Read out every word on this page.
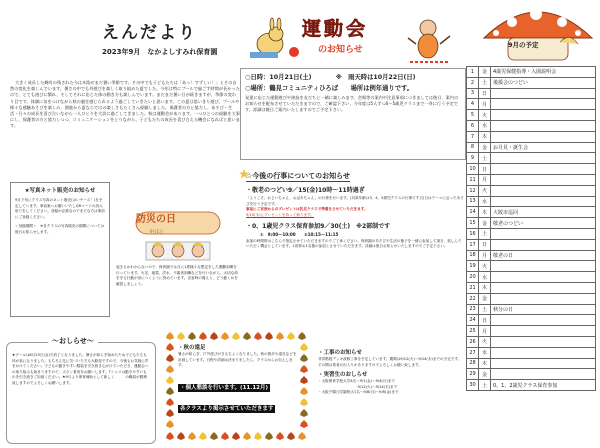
えんだより
2023年9月　なかよしすみれ保育園
大きく成長した蝉舟の残された今は木陰がまだ暑い季節です。その中でも子どもたちは「あっ！すずしい！」とその自然の変化を楽しんでいます。暑さの中でも外遊びを楽しく取り組めた夏でした。今年は特にプールで過ごす時間が長かったので、とても遊びに慣れ、そしてそれに応じた体の動き方も楽しんでいます。まだまだ暑い日が続きますが、季節の変わり目です。体調に気をつけながら秋の風を感じられるよう過ごしていきたいと思います。この夏は思いきり遊び、プールや様々な感触あそびを楽しみ、園庭から夏ならではの楽しさもたくさん経験しました。保護者の方と協力し、あそび・生活・日々の成長を喜び合いながら一人ひとりを大切に過ごしてきました。秋は運動会があります。一つひとつの経験を大事にし、保護者の方と協力しつつ、コミュニケーションをとりながら、子どもたちの成長を喜び合える機会になればと思います。
運動会
のお知らせ
○日時：10月21日(土)	※　雨天時は10月22日(日)
○場所：鶴見コミュニティひろば　　場所は例年通りです。
発達に応じた運動遊びや演技を友だちと一緒に楽しみます。会場等の案内や注意事項につきましては後日、案内のお知らせを配布させていただきますので、ご確認下さい。今年度は5人ずつ0〜5歳児クラスまで一斉に行う予定です。詳細は後日ご案内いたしますのでご予定下さい。
9月の予定
1	金	4歳児保健指導・入園説明会
2	土	後援会のつどい
3	日	
4	月	
5	火	
6	水	
7	木	
8	金	お月見・誕生会
9	土	
10	日	
11	月	
12	火	
13	水	
14	木	大阪市巡回
15	金	敬老のつどい
16	土	
17	日	
18	月	敬老の日
19	火	
20	水	
21	木	
22	金	
23	土	秋分の日
24	日	
25	月	
26	火	
27	水	
28	木	
29	金	
30	土	0、1、2歳児クラス保育参加
★写真ネット販売のお知らせ
9月下旬にクラス写真のネット販売(はいチーズ！)を予定しています。事前案へお願いいたしQRコードの読み取りをしてください。登録が必要なのでまだな方は事前にご登録ください。
＜登録期間＞　※各クラスの写真販売の期間については後日お知らせします。
防災の日
9月1日
起きるかわからないので、保育園では月に1度様々な想定をした避難訓練を行っています。火災、地震、洪水、不審者訓練などを行いながら、大切な命を守る行動が身につくように努めています。災害時の備えと、どう動くかを確認しましょう。
★プールは8月25日(金)で終了となりました。暑さが和らぎ始めたため子どもたちも体が楽になりました。もちろん先に気づいた方も大歓迎ですので、今後もお気軽に声をかけてください。子どもの動きやすい服装を引き続き心がけていただき、運動会への取り組みも始まりますので、ズボン着用をお願いします。Tシャツは動きやすいものを引き続きご用意ください。★9月より保育補助として新しく　　　の職員が勤務致しますのでよろしくお願いします。
〜おしらせ〜
・秋の遠足
暑さが和らぎ、戸外遊びがきもちよくなりました。秋の散歩や遠足などを計画しています。日程や詳細は決まりましたら、クラスからお伝えします。
・個人懇談を行います。(11.12月)
各クラスより掲示させていただきます
☆今後の行事についてのお知らせ
・敬老のつどい9／15(金)10時〜11時過ぎ
「ようこそ、おじいちゃん、おばあちゃん」の行事を行います。(対象年齢は3、4、5歳児クラスの行事です)当日はテーマに沿ったあそびを行う予定です。
事前にご家族からのプレゼントは乳児クラスで準備をさせていただきます。
9/15(木)にプレゼントを持って帰ります。
・0、1歳児クラス保育参加9／30(土)　※2部制です
①　9:00〜10:00　　②10:15〜11:15
参加の時間帯はこちらで指定させていただきますのでご了承ください。保育園のあそびや生活の様子を一緒に参加して頂き、楽しんでいただく機会としています。1世帯お1名様の参加とさせていただきます。詳細は後日お知らせいたしますのでご予定下さい。
・工事のお知らせ
非常階段デッキ改修工事を予定しています。期間は9/12(火)〜9/14(木)までの予定です。その間は業者の出入りがありますのでよろしくお願い致します。
・実習生のおしらせ
・大阪保育学校大学4名〜9/1(金)〜9/4(月)まで
　　　　　　　　　　　9/12(火)〜9/14(木)まで
・大阪夕陽丘学園短大1名〜9/8(月)〜9/8(金)まで
